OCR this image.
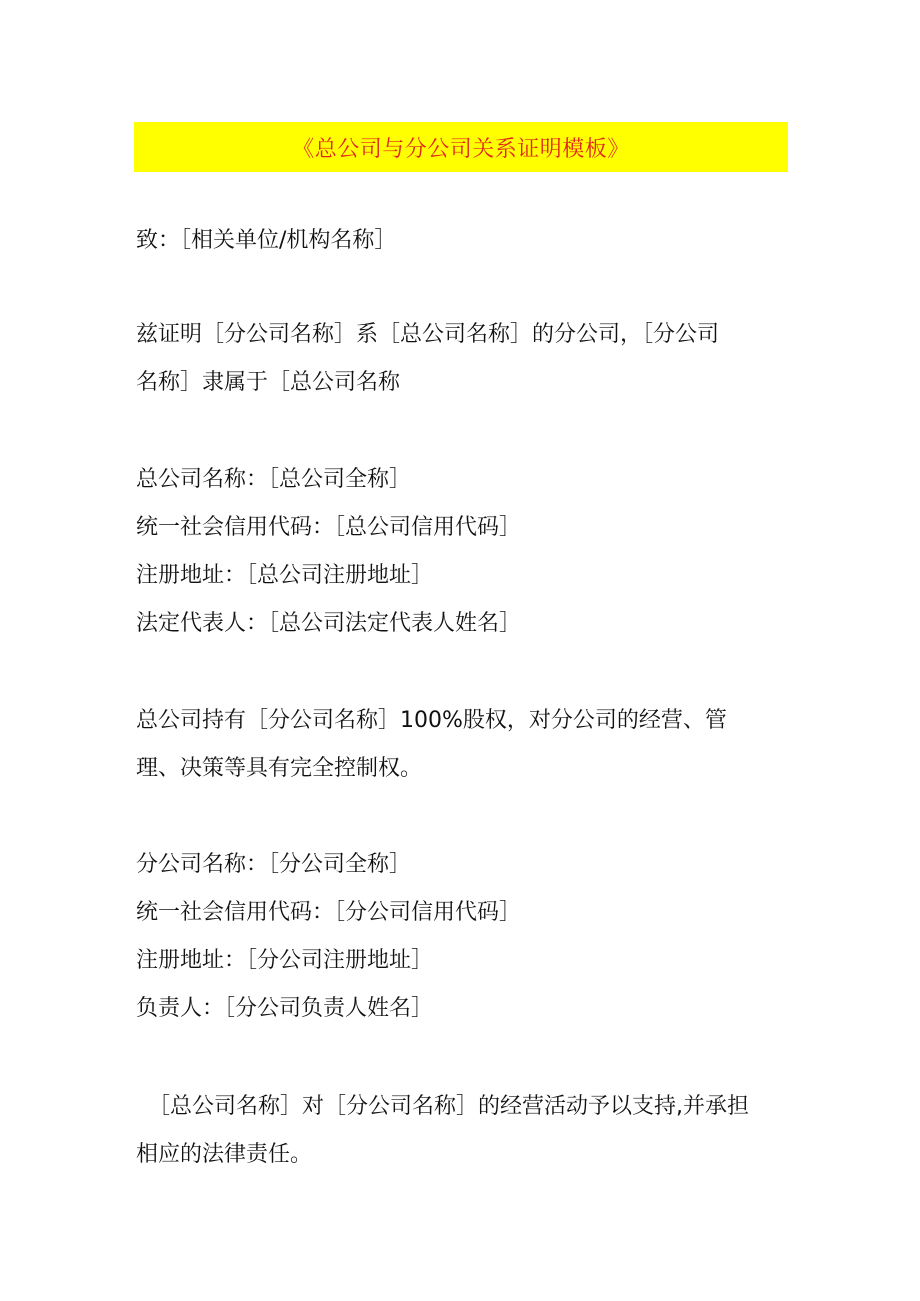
《总公司与分公司关系证明模板》

致：［相关单位/机构名称］

兹证明［分公司名称］系［总公司名称］的分公司，［分公司
名称］隶属于［总公司名称

总公司名称：［总公司全称］
统一社会信用代码：［总公司信用代码］
注册地址：［总公司注册地址］
法定代表人：［总公司法定代表人姓名］

总公司持有［分公司名称］100%股权，对分公司的经营、管
理、决策等具有完全控制权。

分公司名称：［分公司全称］
统一社会信用代码：［分公司信用代码］
注册地址：［分公司注册地址］
负责人：［分公司负责人姓名］

［总公司名称］对［分公司名称］的经营活动予以支持,并承担
相应的法律责任。
